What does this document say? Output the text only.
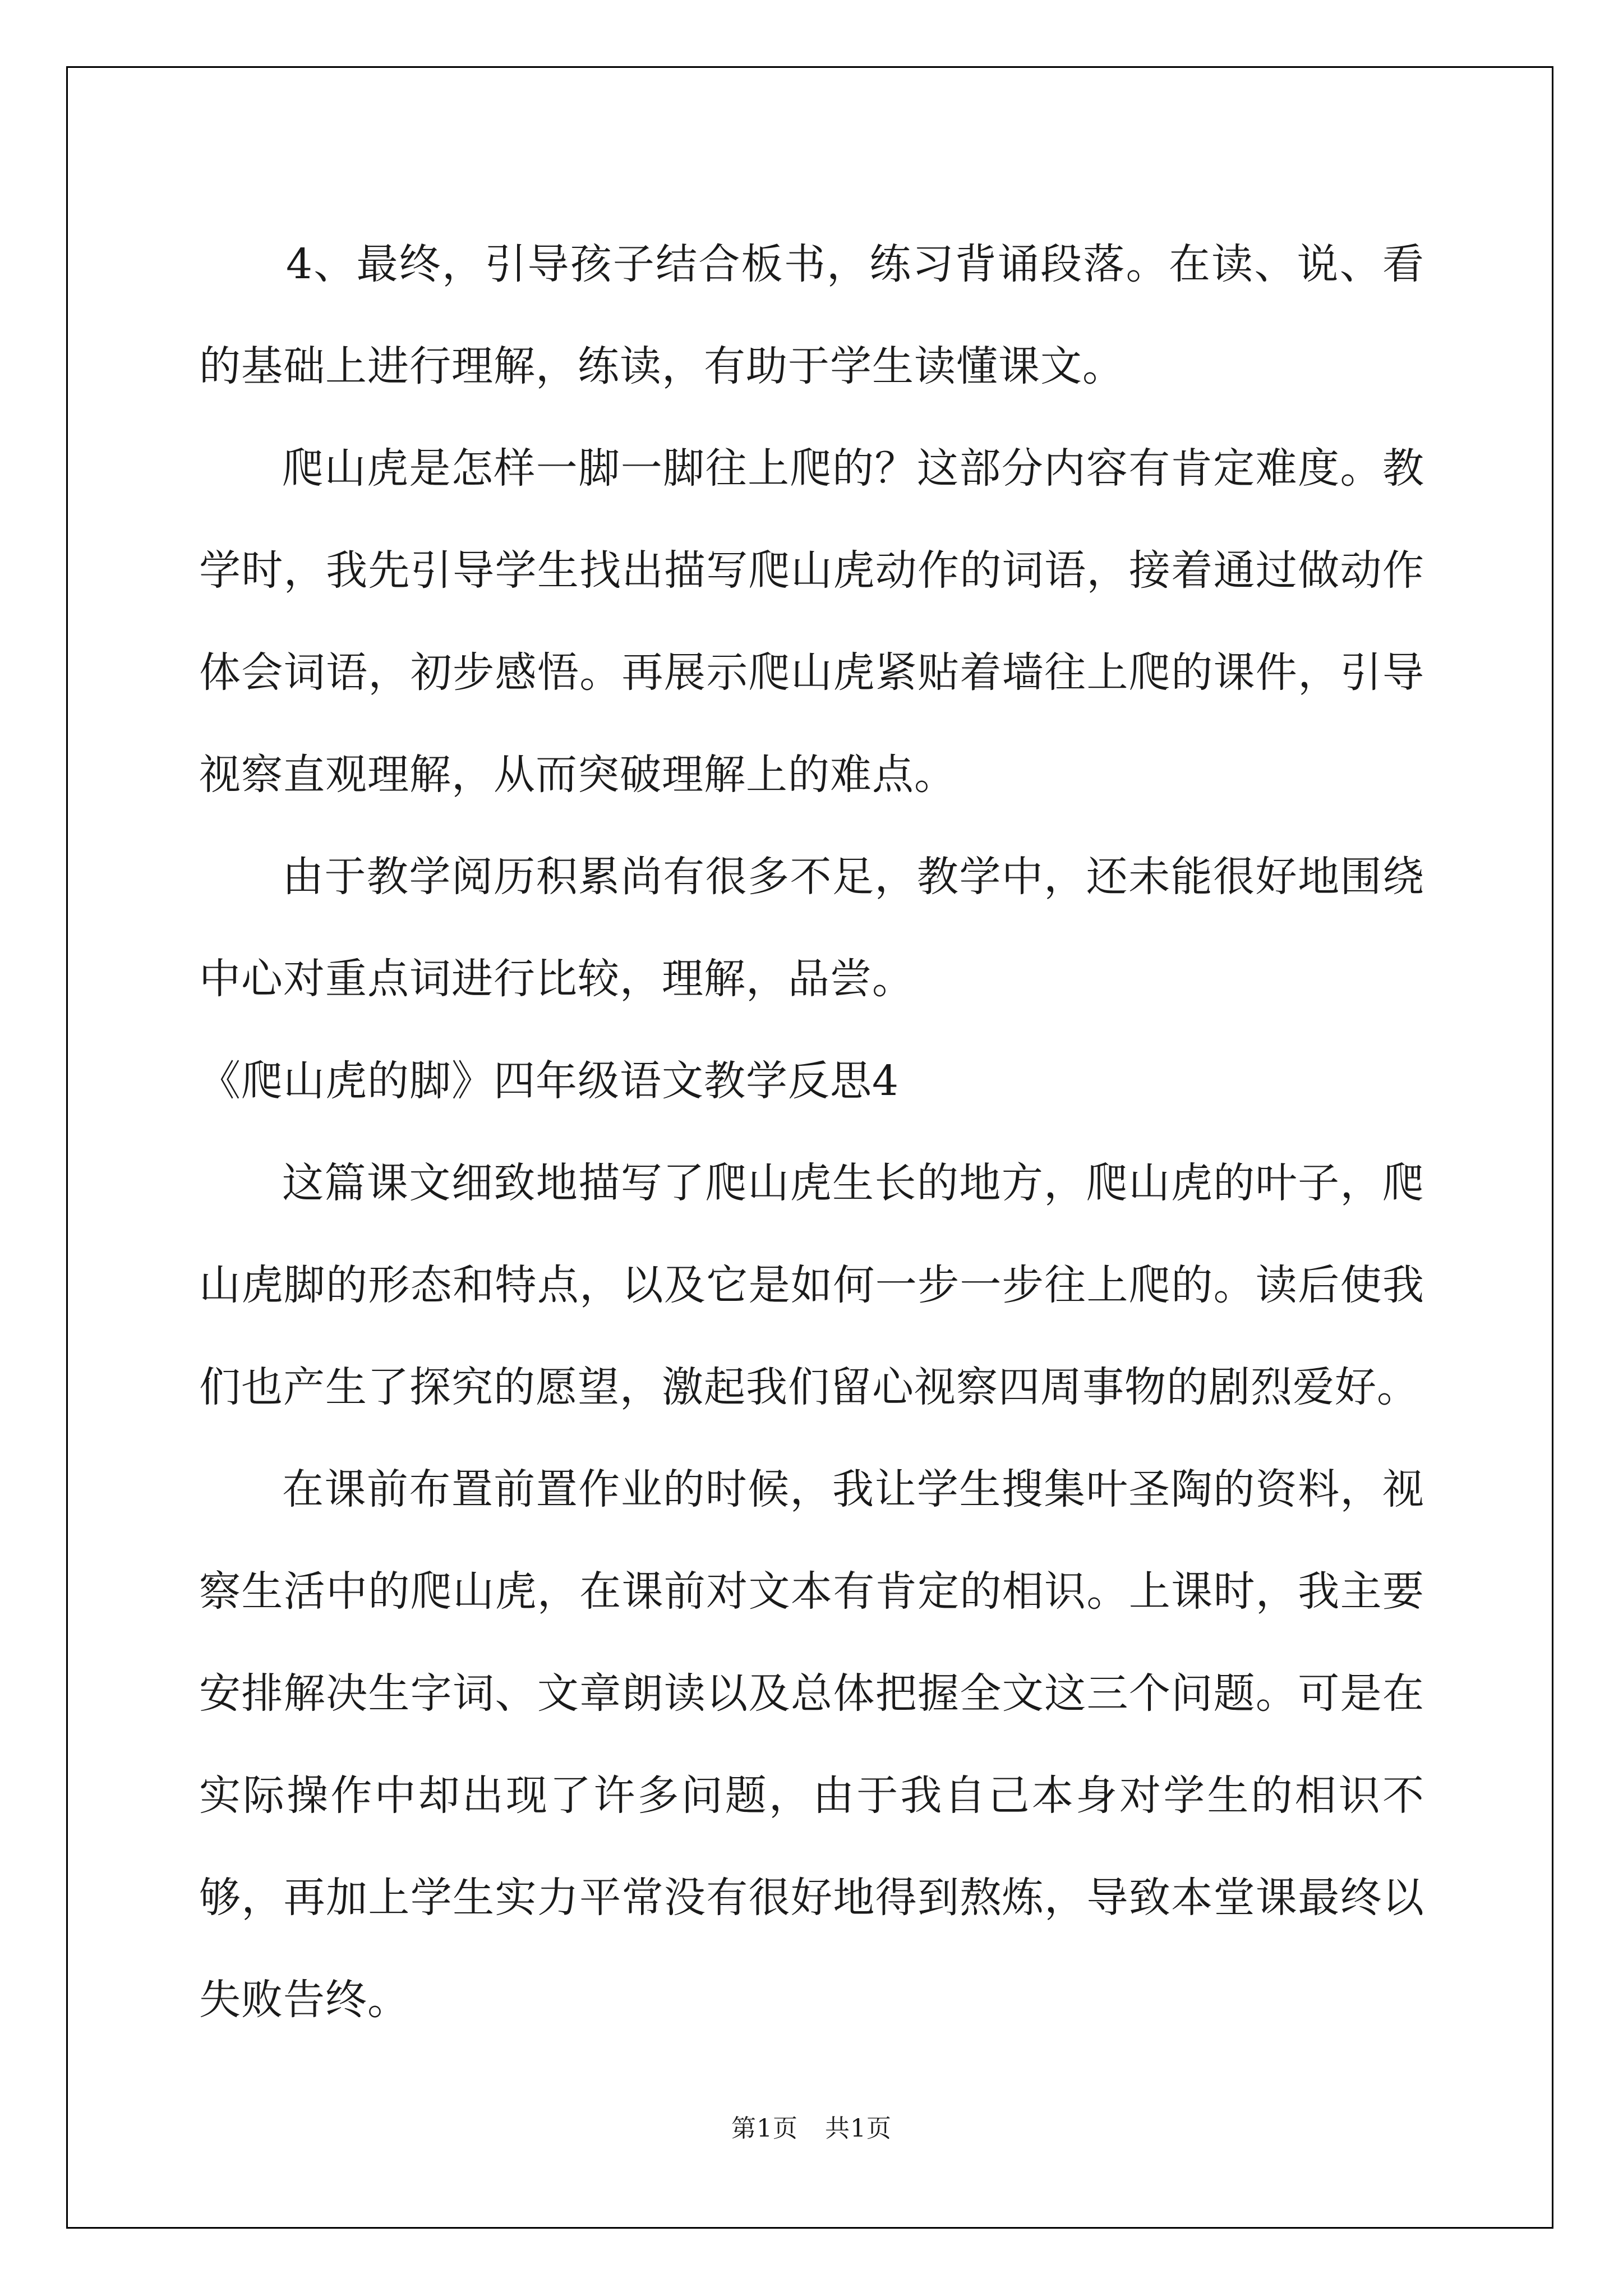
4、最终，引导孩子结合板书，练习背诵段落。在读、说、看的基础上进行理解，练读，有助于学生读懂课文。

爬山虎是怎样一脚一脚往上爬的？这部分内容有肯定难度。教学时，我先引导学生找出描写爬山虎动作的词语，接着通过做动作体会词语，初步感悟。再展示爬山虎紧贴着墙往上爬的课件，引导视察直观理解，从而突破理解上的难点。

由于教学阅历积累尚有很多不足，教学中，还未能很好地围绕中心对重点词进行比较，理解，品尝。

《爬山虎的脚》四年级语文教学反思4

这篇课文细致地描写了爬山虎生长的地方，爬山虎的叶子，爬山虎脚的形态和特点，以及它是如何一步一步往上爬的。读后使我们也产生了探究的愿望，激起我们留心视察四周事物的剧烈爱好。

在课前布置前置作业的时候，我让学生搜集叶圣陶的资料，视察生活中的爬山虎，在课前对文本有肯定的相识。上课时，我主要安排解决生字词、文章朗读以及总体把握全文这三个问题。可是在实际操作中却出现了许多问题，由于我自己本身对学生的相识不够，再加上学生实力平常没有很好地得到熬炼，导致本堂课最终以失败告终。

第1页 共1页
